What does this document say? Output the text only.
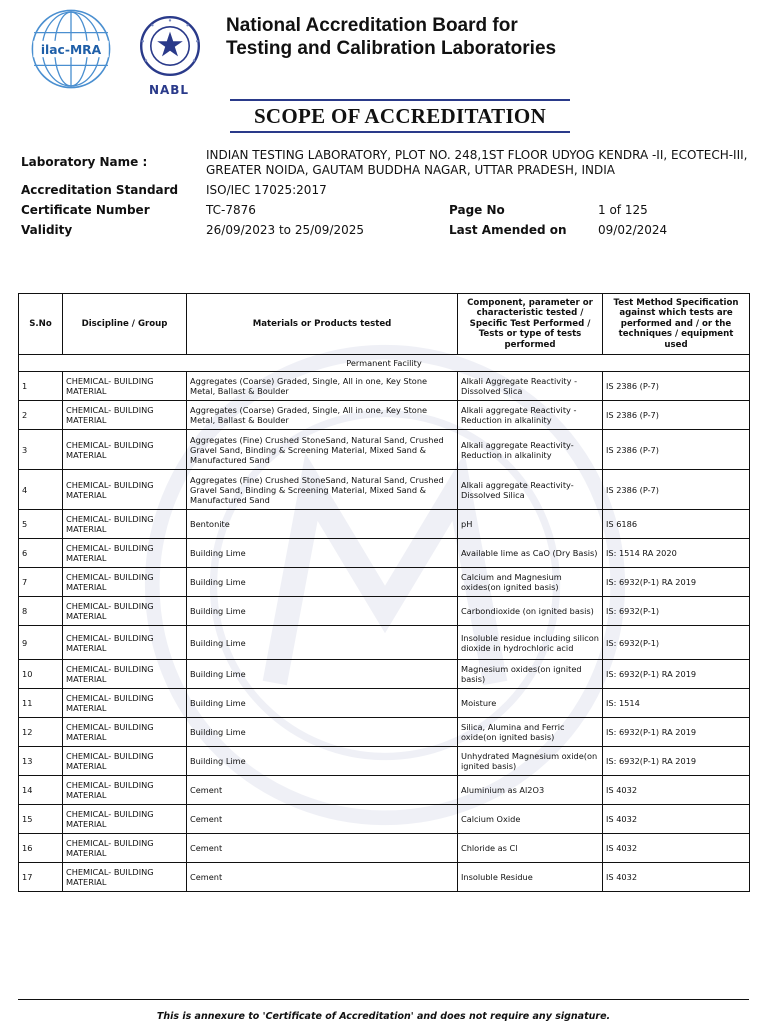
ilac-MRA
NABL
National Accreditation Board for
Testing and Calibration Laboratories
SCOPE OF ACCREDITATION
Laboratory Name :	INDIAN TESTING LABORATORY, PLOT NO. 248,1ST FLOOR UDYOG KENDRA -II, ECOTECH-III, GREATER NOIDA, GAUTAM BUDDHA NAGAR, UTTAR PRADESH, INDIA
Accreditation Standard ISO/IEC 17025:2017
Certificate Number	TC-7876	Page No	1 of 125
Validity	26/09/2023 to 25/09/2025	Last Amended on	09/02/2024
S.No	Discipline / Group	Materials or Products tested	Component, parameter or characteristic tested / Specific Test Performed / Tests or type of tests performed	Test Method Specification against which tests are performed and / or the techniques / equipment used
Permanent Facility				
1	CHEMICAL- BUILDING MATERIAL	Aggregates (Coarse) Graded, Single, All in one, Key Stone Metal, Ballast & Boulder	Alkali Aggregate Reactivity - Dissolved Slica	IS 2386 (P-7)
2	CHEMICAL- BUILDING MATERIAL	Aggregates (Coarse) Graded, Single, All in one, Key Stone Metal, Ballast & Boulder	Alkali aggregate Reactivity - Reduction in alkalinity	IS 2386 (P-7)
3	CHEMICAL- BUILDING MATERIAL	Aggregates (Fine) Crushed StoneSand, Natural Sand, Crushed Gravel Sand, Binding & Screening Material, Mixed Sand & Manufactured Sand	Alkali aggregate Reactivity- Reduction in alkalinity	IS 2386 (P-7)
4	CHEMICAL- BUILDING MATERIAL	Aggregates (Fine) Crushed StoneSand, Natural Sand, Crushed Gravel Sand, Binding & Screening Material, Mixed Sand & Manufactured Sand	Alkali aggregate Reactivity- Dissolved Silica	IS 2386 (P-7)
5	CHEMICAL- BUILDING MATERIAL	Bentonite	pH	IS 6186
6	CHEMICAL- BUILDING MATERIAL	Building Lime	Available lime as CaO (Dry Basis)	IS: 1514 RA 2020
7	CHEMICAL- BUILDING MATERIAL	Building Lime	Calcium and Magnesium oxides(on ignited basis)	IS: 6932(P-1) RA 2019
8	CHEMICAL- BUILDING MATERIAL	Building Lime	Carbondioxide (on ignited basis)	IS: 6932(P-1)
9	CHEMICAL- BUILDING MATERIAL	Building Lime	Insoluble residue including silicon dioxide in hydrochloric acid	IS: 6932(P-1)
10	CHEMICAL- BUILDING MATERIAL	Building Lime	Magnesium oxides(on ignited basis)	IS: 6932(P-1) RA 2019
11	CHEMICAL- BUILDING MATERIAL	Building Lime	Moisture	IS: 1514
12	CHEMICAL- BUILDING MATERIAL	Building Lime	Silica, Alumina and Ferric oxide(on ignited basis)	IS: 6932(P-1) RA 2019
13	CHEMICAL- BUILDING MATERIAL	Building Lime	Unhydrated Magnesium oxide(on ignited basis)	IS: 6932(P-1) RA 2019
14	CHEMICAL- BUILDING MATERIAL	Cement	Aluminium as Al2O3	IS 4032
15	CHEMICAL- BUILDING MATERIAL	Cement	Calcium Oxide	IS 4032
16	CHEMICAL- BUILDING MATERIAL	Cement	Chloride as Cl	IS 4032
17	CHEMICAL- BUILDING MATERIAL	Cement	Insoluble Residue	IS 4032
This is annexure to 'Certificate of Accreditation' and does not require any signature.
